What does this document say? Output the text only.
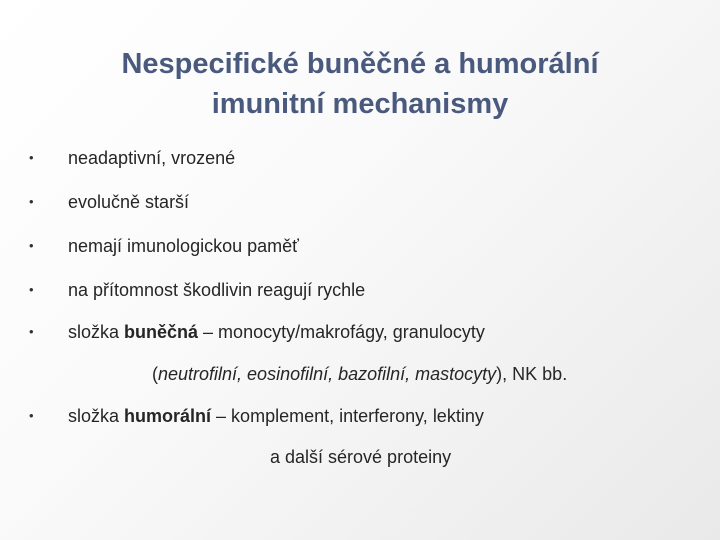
Nespecifické buněčné a humorální
imunitní mechanismy
•	neadaptivní, vrozené
•	evolučně starší
•	nemají imunologickou paměť
•	na přítomnost škodlivin reagují rychle
•	složka buněčná – monocyty/makrofágy, granulocyty
(neutrofilní, eosinofilní, bazofilní, mastocyty), NK bb.
•	složka humorální – komplement, interferony, lektiny
a další sérové proteiny
